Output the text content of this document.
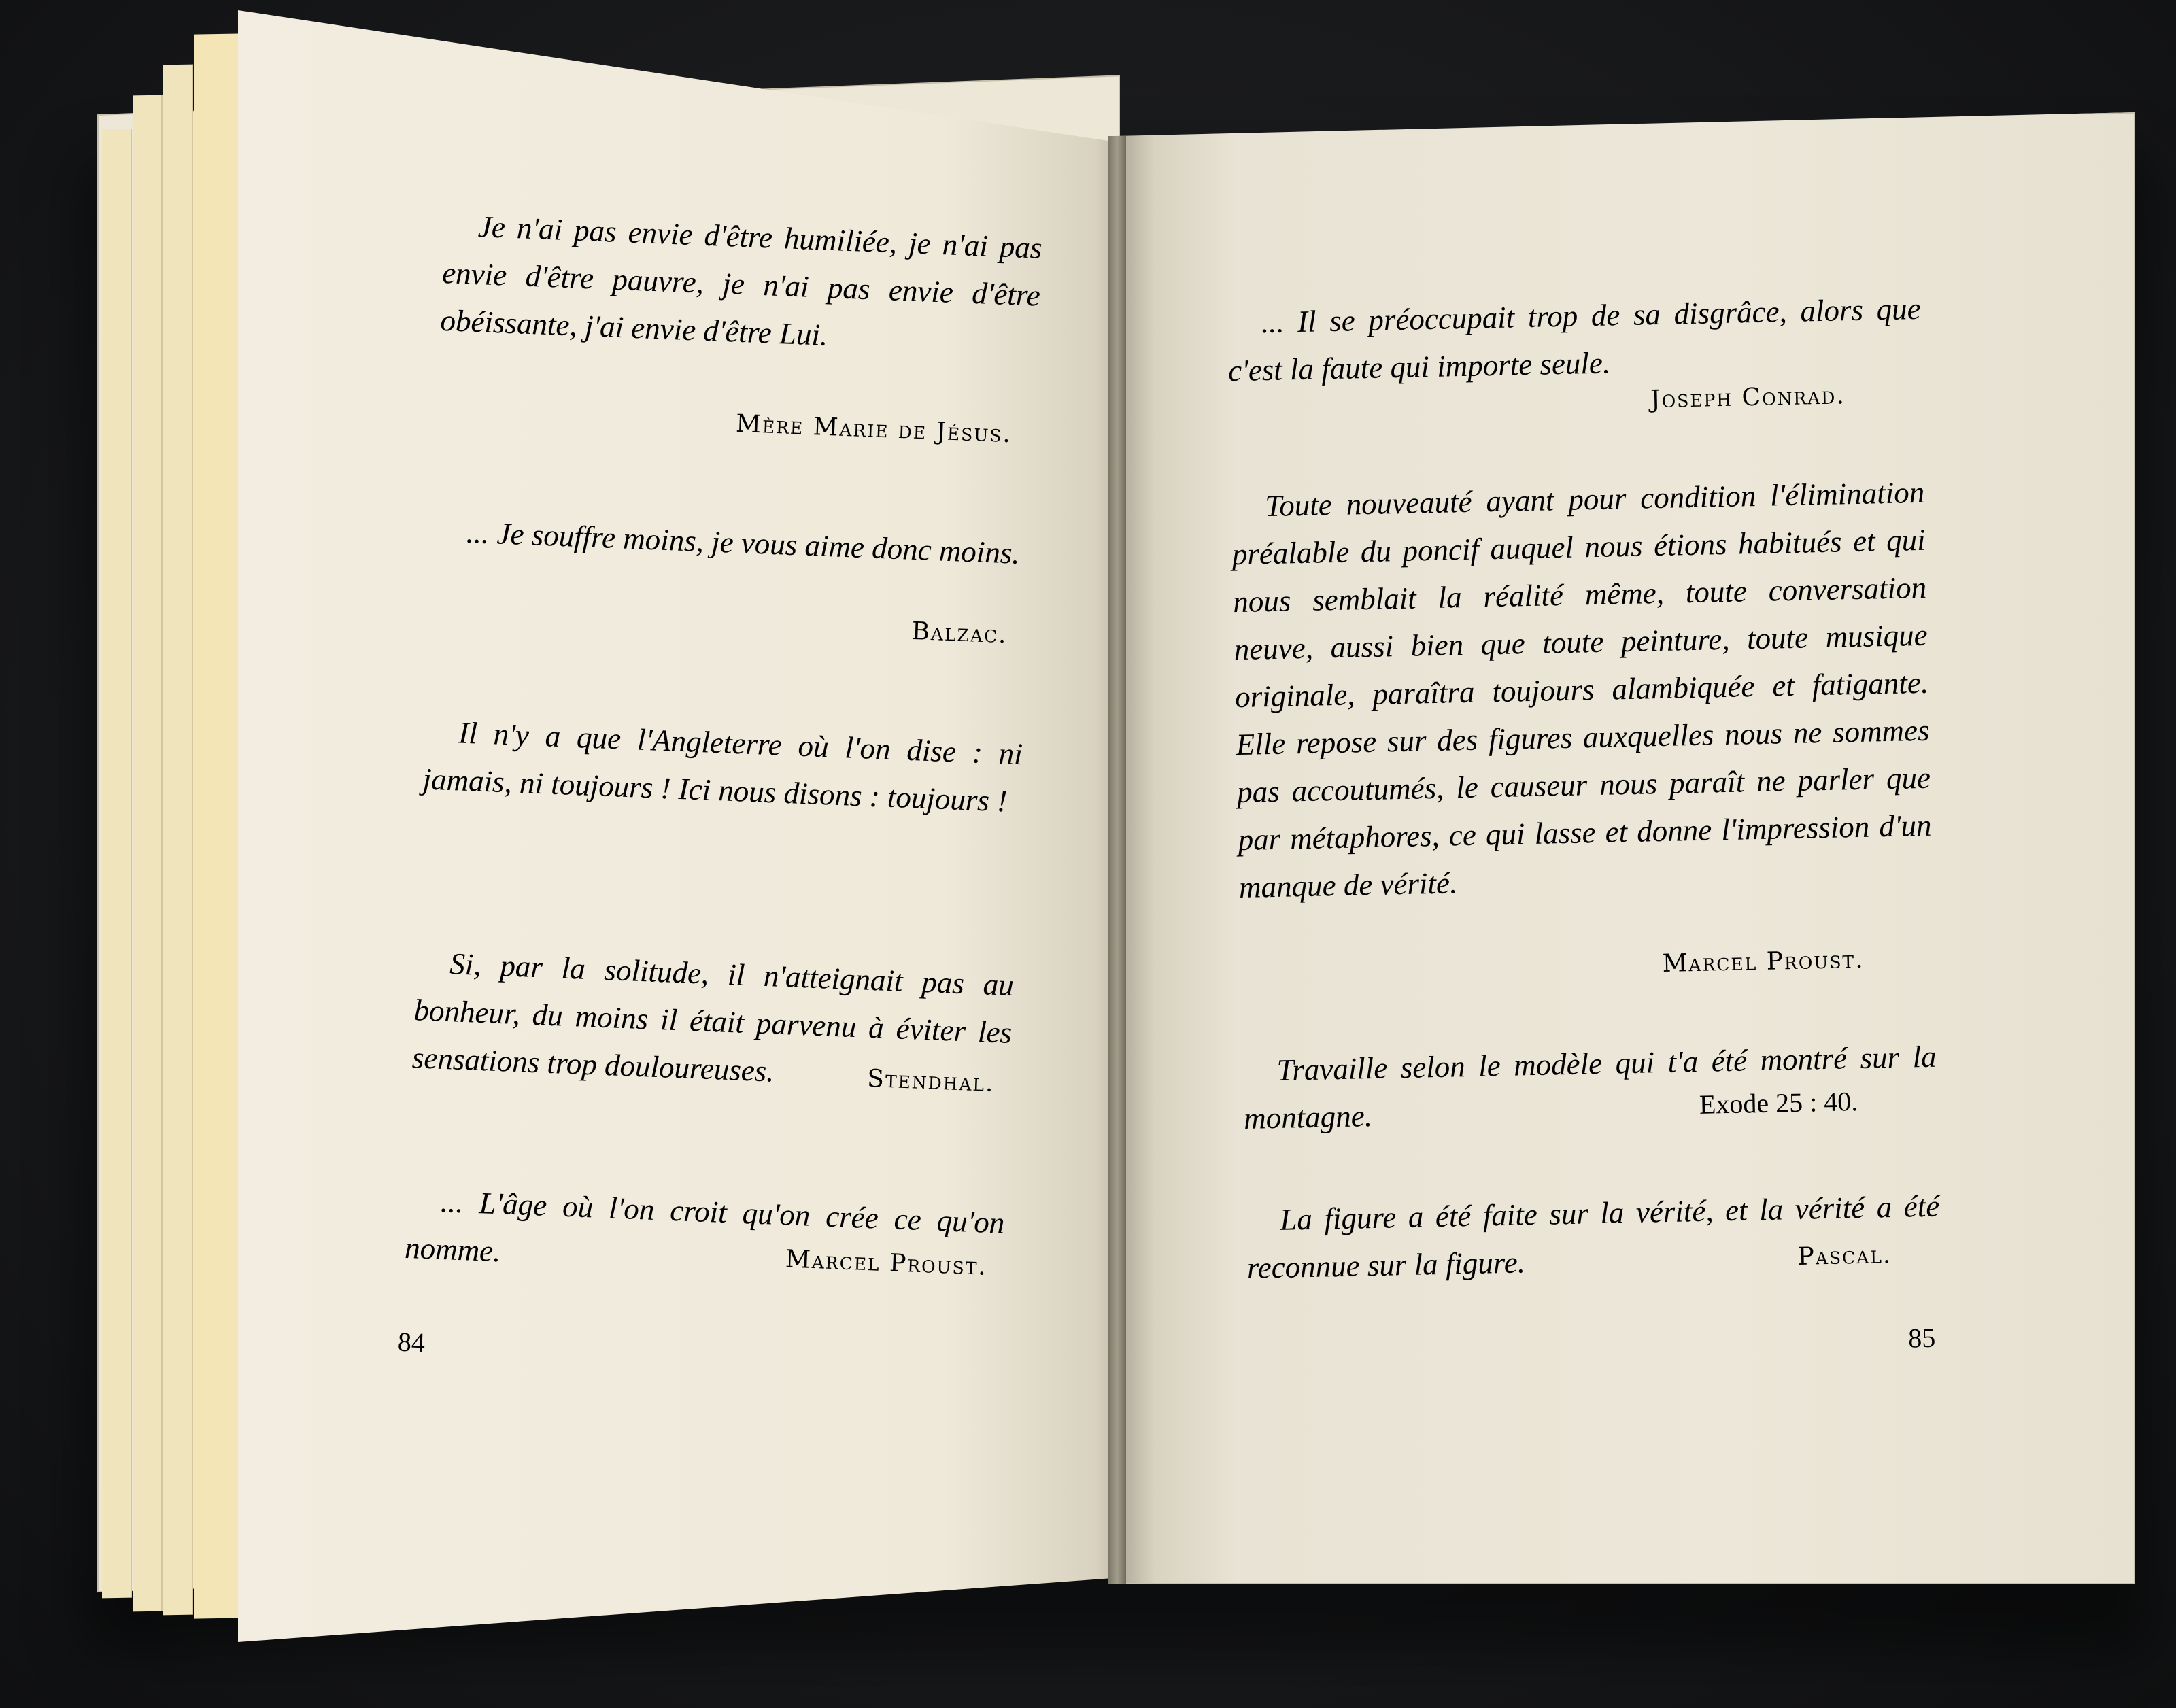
Je n'ai pas envie d'être humiliée, je n'ai pas envie d'être pauvre, je n'ai pas envie d'être obéissante, j'ai envie d'être Lui.

Mère Marie de Jésus.

... Je souffre moins, je vous aime donc moins.

Balzac.

Il n'y a que l'Angleterre où l'on dise : ni jamais, ni toujours ! Ici nous disons : toujours !

Si, par la solitude, il n'atteignait pas au bonheur, du moins il était parvenu à éviter les sensations trop douloureuses.	Stendhal.

... L'âge où l'on croit qu'on crée ce qu'on nomme.	Marcel Proust.
84

... Il se préoccupait trop de sa disgrâce, alors que c'est la faute qui importe seule.

Joseph Conrad.

Toute nouveauté ayant pour condition l'élimination préalable du poncif auquel nous étions habitués et qui nous semblait la réalité même, toute conversation neuve, aussi bien que toute peinture, toute musique originale, paraîtra toujours alambiquée et fatigante. Elle repose sur des figures auxquelles nous ne sommes pas accoutumés, le causeur nous paraît ne parler que par métaphores, ce qui lasse et donne l'impression d'un manque de vérité.

Marcel Proust.

Travaille selon le modèle qui t'a été montré sur la montagne.	Exode 25 : 40.

La figure a été faite sur la vérité, et la vérité a été reconnue sur la figure.	Pascal.
85
